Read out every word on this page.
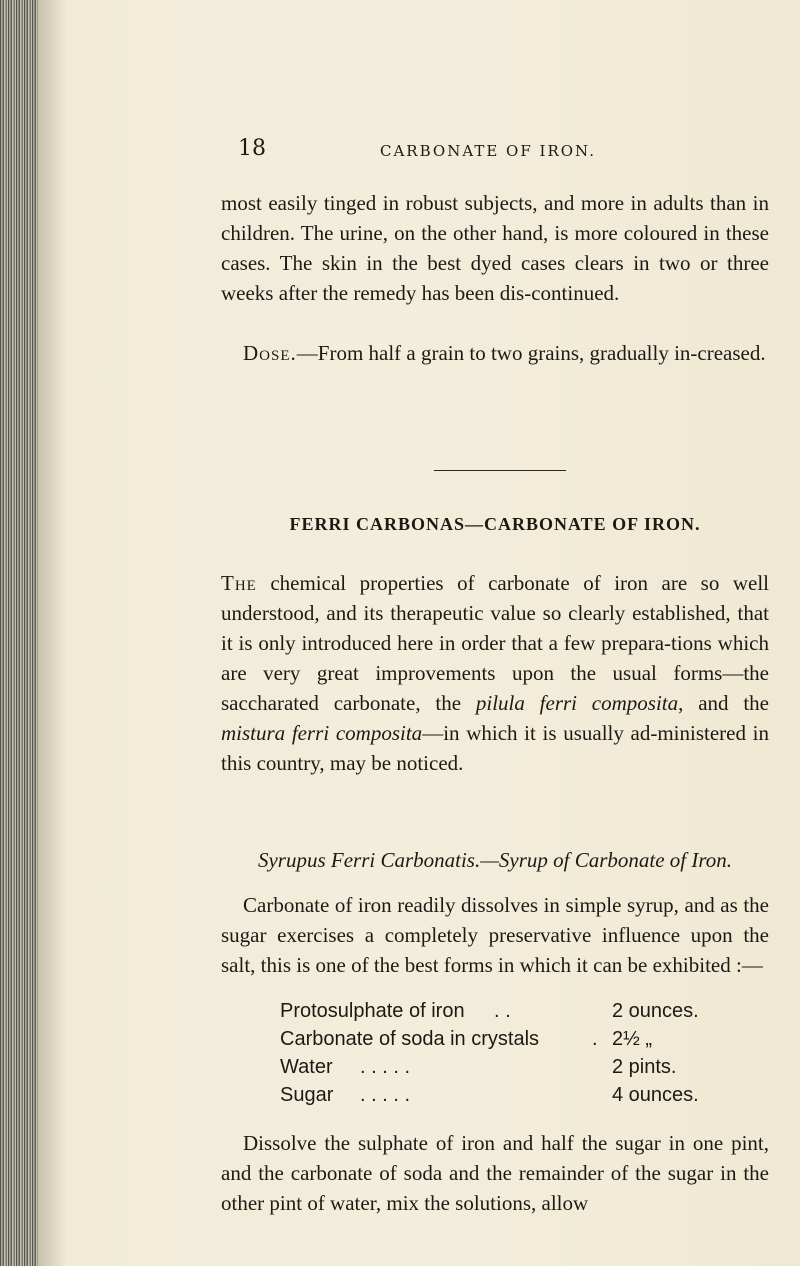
18	CARBONATE OF IRON.
most easily tinged in robust subjects, and more in adults than in children. The urine, on the other hand, is more coloured in these cases. The skin in the best dyed cases clears in two or three weeks after the remedy has been dis-continued.
Dose.—From half a grain to two grains, gradually in-creased.
FERRI CARBONAS—CARBONATE OF IRON.
The chemical properties of carbonate of iron are so well understood, and its therapeutic value so clearly established, that it is only introduced here in order that a few prepara-tions which are very great improvements upon the usual forms—the saccharated carbonate, the pilula ferri composita, and the mistura ferri composita—in which it is usually ad-ministered in this country, may be noticed.
Syrupus Ferri Carbonatis.—Syrup of Carbonate of Iron.
Carbonate of iron readily dissolves in simple syrup, and as the sugar exercises a completely preservative influence upon the salt, this is one of the best forms in which it can be exhibited :—
Protosulphate of iron . .	2 ounces.
Carbonate of soda in crystals	. 2½ „
Water . . . . .	2 pints.
Sugar . . . . .	4 ounces.
Dissolve the sulphate of iron and half the sugar in one pint, and the carbonate of soda and the remainder of the sugar in the other pint of water, mix the solutions, allow
